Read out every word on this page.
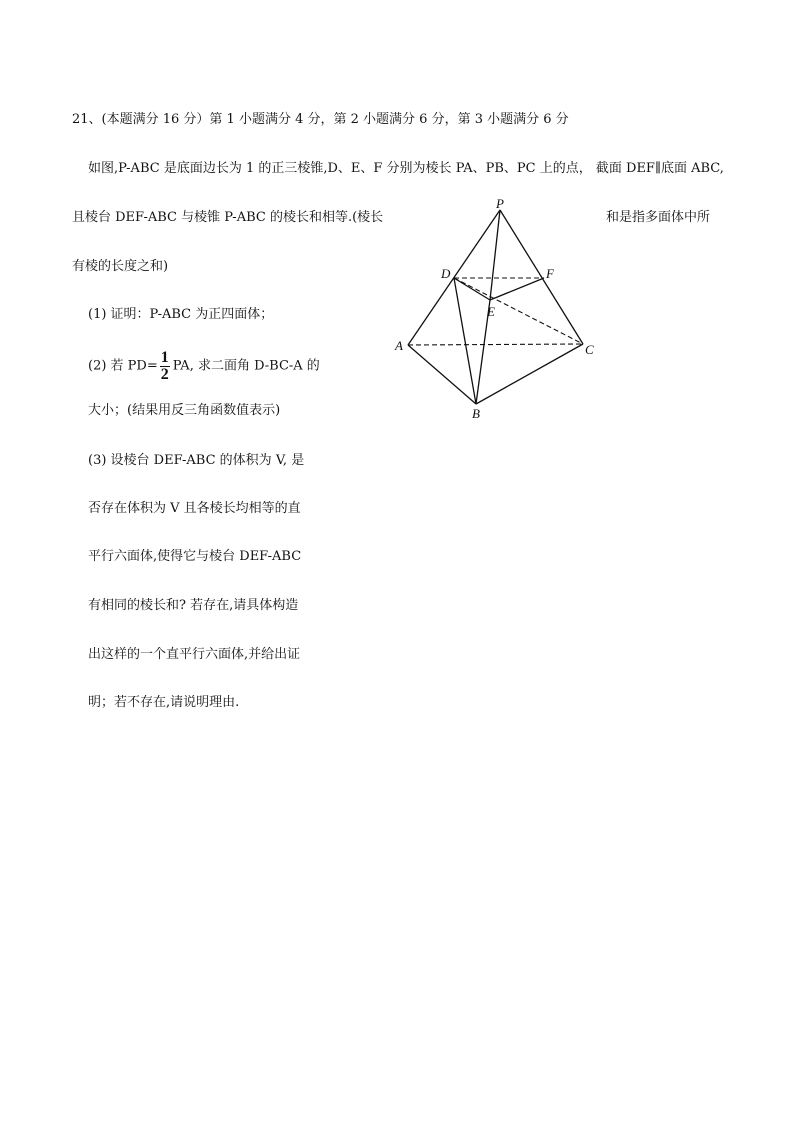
21、(本题满分 16 分）第 1 小题满分 4 分，第 2 小题满分 6 分，第 3 小题满分 6 分
如图,P-ABC 是底面边长为 1 的正三棱锥,D、E、F 分别为棱长 PA、PB、PC 上的点， 截面 DEF∥底面 ABC,
且棱台 DEF-ABC 与棱锥 P-ABC 的棱长和相等.(棱长	和是指多面体中所
有棱的长度之和)
(1) 证明：P-ABC 为正四面体；
(2) 若 $PD= \frac{1}{2}$ PA, 求二面角 D-BC-A 的
大小；(结果用反三角函数值表示)
(3) 设棱台 DEF-ABC 的体积为 V, 是
否存在体积为 V 且各棱长均相等的直
平行六面体,使得它与棱台 DEF-ABC
有相同的棱长和? 若存在,请具体构造
出这样的一个直平行六面体,并给出证
明；若不存在,请说明理由.
P
D	F
E
A	C
B
